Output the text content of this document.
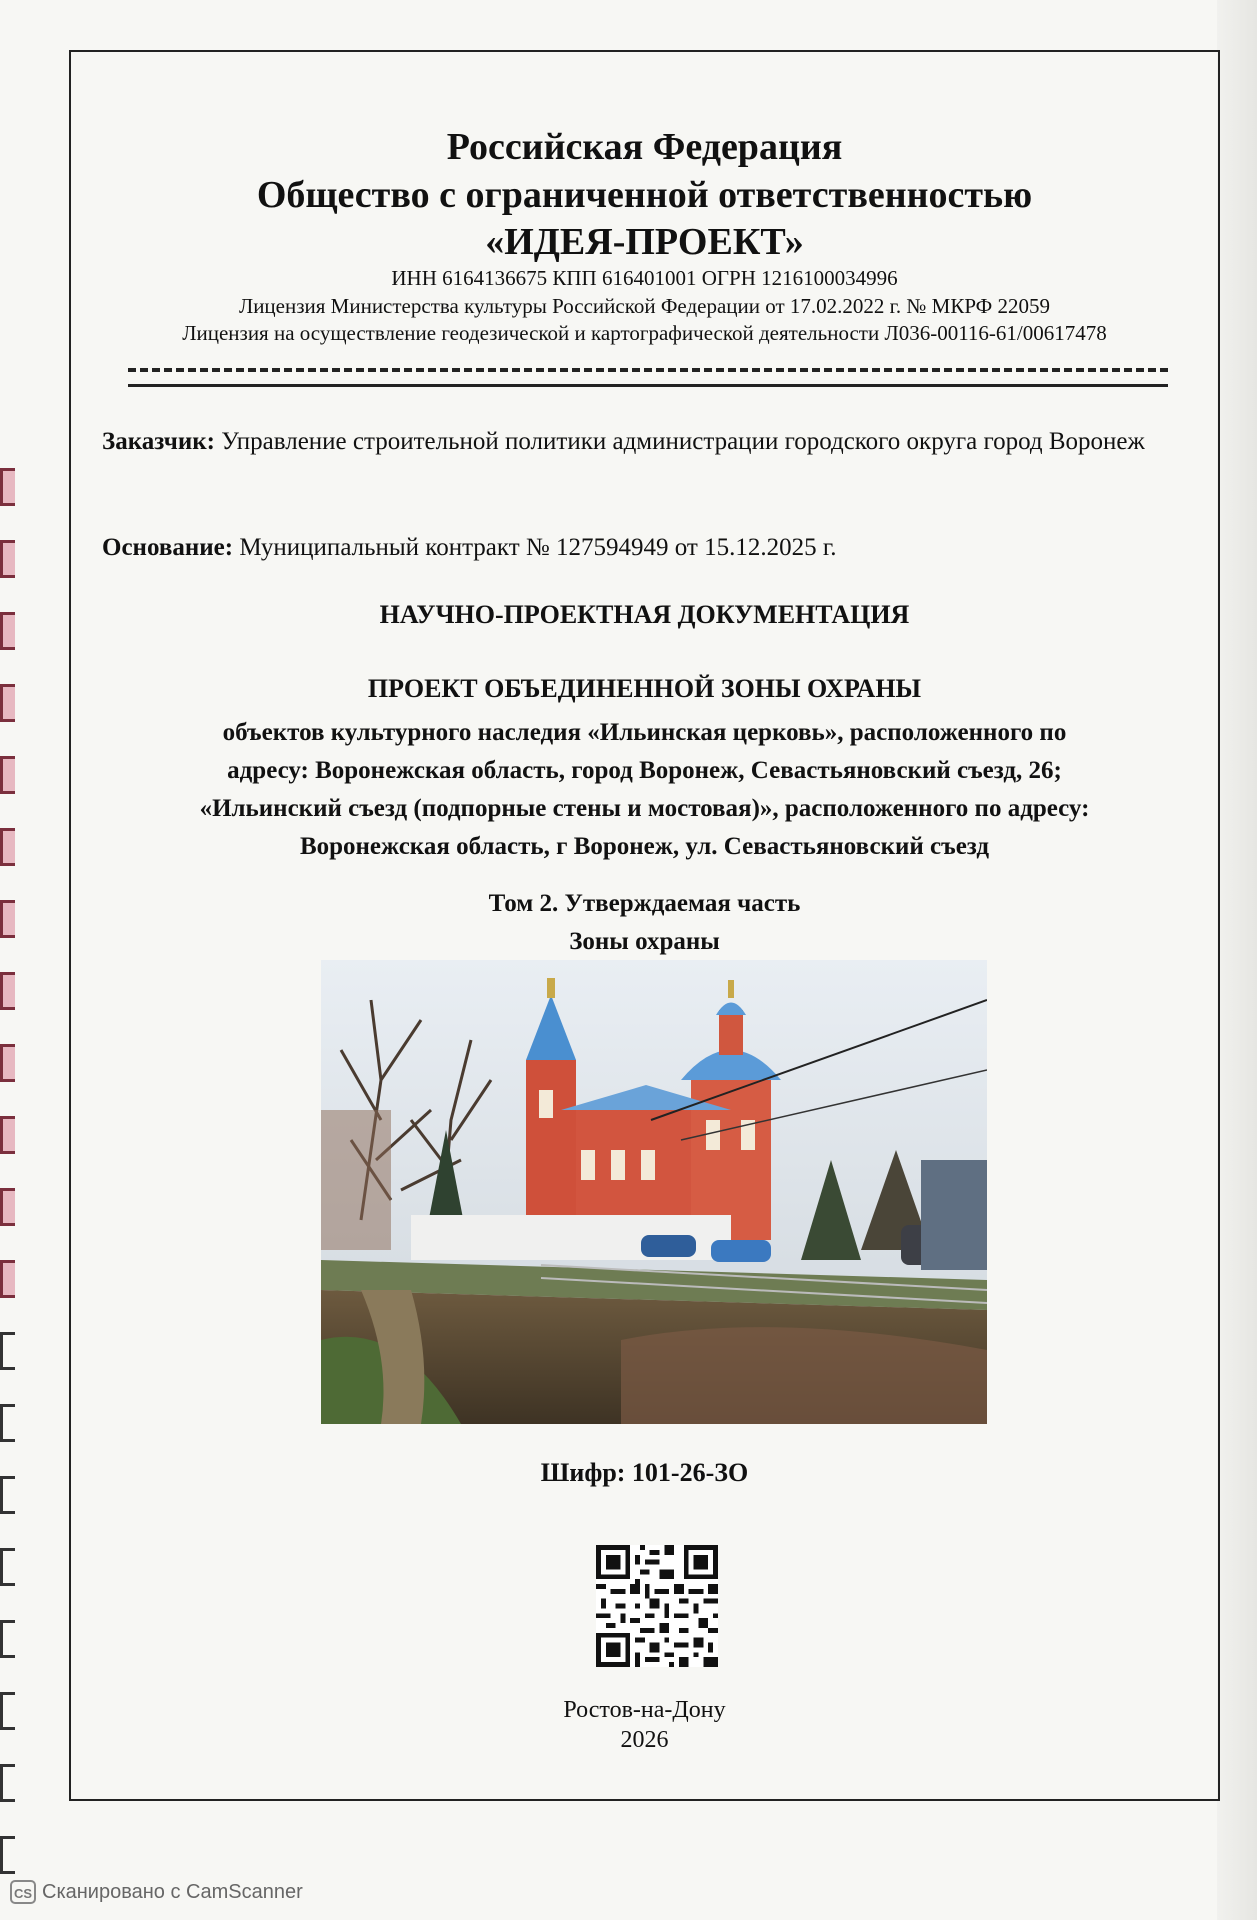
Российская Федерация
Общество с ограниченной ответственностью
«ИДЕЯ-ПРОЕКТ»
ИНН 6164136675 КПП 616401001 ОГРН 1216100034996
Лицензия Министерства культуры Российской Федерации от 17.02.2022 г. № МКРФ 22059
Лицензия на осуществление геодезической и картографической деятельности Л036-00116-61/00617478
Заказчик: Управление строительной политики администрации городского округа город Воронеж
Основание: Муниципальный контракт № 127594949 от 15.12.2025 г.
НАУЧНО-ПРОЕКТНАЯ ДОКУМЕНТАЦИЯ
ПРОЕКТ ОБЪЕДИНЕННОЙ ЗОНЫ ОХРАНЫ
объектов культурного наследия «Ильинская церковь», расположенного по
адресу: Воронежская область, город Воронеж, Севастьяновский съезд, 26;
«Ильинский съезд (подпорные стены и мостовая)», расположенного по адресу:
Воронежская область, г Воронеж, ул. Севастьяновский съезд
Том 2. Утверждаемая часть
Зоны охраны
Шифр: 101-26-ЗО
Ростов-на-Дону
2026
CS Сканировано с CamScanner
